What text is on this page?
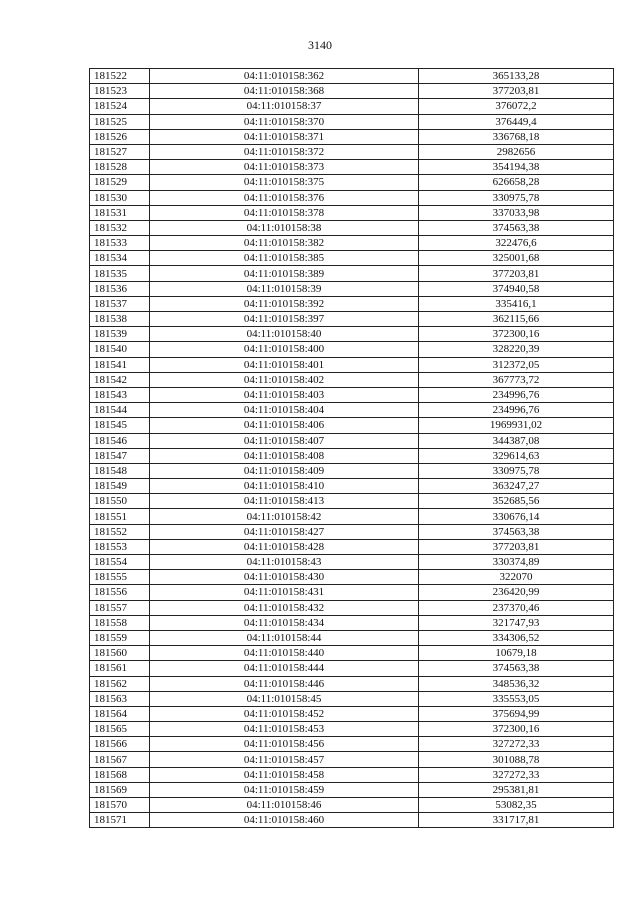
3140
181522	04:11:010158:362	365133,28
181523	04:11:010158:368	377203,81
181524	04:11:010158:37	376072,2
181525	04:11:010158:370	376449,4
181526	04:11:010158:371	336768,18
181527	04:11:010158:372	2982656
181528	04:11:010158:373	354194,38
181529	04:11:010158:375	626658,28
181530	04:11:010158:376	330975,78
181531	04:11:010158:378	337033,98
181532	04:11:010158:38	374563,38
181533	04:11:010158:382	322476,6
181534	04:11:010158:385	325001,68
181535	04:11:010158:389	377203,81
181536	04:11:010158:39	374940,58
181537	04:11:010158:392	335416,1
181538	04:11:010158:397	362115,66
181539	04:11:010158:40	372300,16
181540	04:11:010158:400	328220,39
181541	04:11:010158:401	312372,05
181542	04:11:010158:402	367773,72
181543	04:11:010158:403	234996,76
181544	04:11:010158:404	234996,76
181545	04:11:010158:406	1969931,02
181546	04:11:010158:407	344387,08
181547	04:11:010158:408	329614,63
181548	04:11:010158:409	330975,78
181549	04:11:010158:410	363247,27
181550	04:11:010158:413	352685,56
181551	04:11:010158:42	330676,14
181552	04:11:010158:427	374563,38
181553	04:11:010158:428	377203,81
181554	04:11:010158:43	330374,89
181555	04:11:010158:430	322070
181556	04:11:010158:431	236420,99
181557	04:11:010158:432	237370,46
181558	04:11:010158:434	321747,93
181559	04:11:010158:44	334306,52
181560	04:11:010158:440	10679,18
181561	04:11:010158:444	374563,38
181562	04:11:010158:446	348536,32
181563	04:11:010158:45	335553,05
181564	04:11:010158:452	375694,99
181565	04:11:010158:453	372300,16
181566	04:11:010158:456	327272,33
181567	04:11:010158:457	301088,78
181568	04:11:010158:458	327272,33
181569	04:11:010158:459	295381,81
181570	04:11:010158:46	53082,35
181571	04:11:010158:460	331717,81
